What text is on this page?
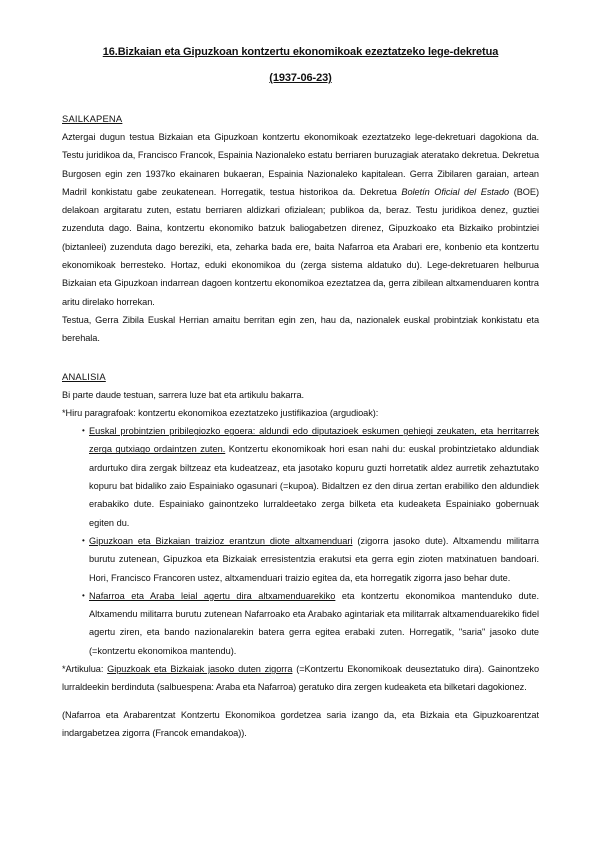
16.Bizkaian eta Gipuzkoan kontzertu ekonomikoak ezeztatzeko lege-dekretua
(1937-06-23)
SAILKAPENA
Aztergai dugun testua Bizkaian eta Gipuzkoan kontzertu ekonomikoak ezeztatzeko lege-dekretuari dagokiona da. Testu juridikoa da, Francisco Francok, Espainia Nazionaleko estatu berriaren buruzagiak ateratako dekretua. Dekretua Burgosen egin zen 1937ko ekainaren bukaeran, Espainia Nazionaleko kapitalean. Gerra Zibilaren garaian, artean Madril konkistatu gabe zeukatenean. Horregatik, testua historikoa da. Dekretua Boletín Oficial del Estado (BOE) delakoan argitaratu zuten, estatu berriaren aldizkari ofizialean; publikoa da, beraz. Testu juridikoa denez, guztiei zuzenduta dago. Baina, kontzertu ekonomiko batzuk baliogabetzen direnez, Gipuzkoako eta Bizkaiko probintziei (biztanleei) zuzenduta dago bereziki, eta, zeharka bada ere, baita Nafarroa eta Arabari ere, konbenio eta kontzertu ekonomikoak berresteko. Hortaz, eduki ekonomikoa du (zerga sistema aldatuko du). Lege-dekretuaren helburua Bizkaian eta Gipuzkoan indarrean dagoen kontzertu ekonomikoa ezeztatzea da, gerra zibilean altxamenduaren kontra aritu direlako horrekan.
Testua, Gerra Zibila Euskal Herrian amaitu berritan egin zen, hau da, nazionalek euskal probintziak konkistatu eta berehala.
ANALISIA
Bi parte daude testuan, sarrera luze bat eta artikulu bakarra.
*Hiru paragrafoak: kontzertu ekonomikoa ezeztatzeko justifikazioa (argudioak):
• Euskal probintzien pribilegiozko egoera: aldundi edo diputazioek eskumen gehiegi zeukaten, eta herritarrek zerga gutxiago ordaintzen zuten. Kontzertu ekonomikoak hori esan nahi du: euskal probintzietako aldundiak ardurtuko dira zergak biltzeaz eta kudeatzeaz, eta jasotako kopuru guzti horretatik aldez aurretik zehaztutako kopuru bat bidaliko zaio Espainiako ogasunari (=kupoa). Bidaltzen ez den dirua zertan erabiliko den aldundiek erabakiko dute. Espainiako gainontzeko lurraldeetako zerga bilketa eta kudeaketa Espainiako gobernuak egiten du.
• Gipuzkoan eta Bizkaian traizioz erantzun diote altxamenduari (zigorra jasoko dute). Altxamendu militarra burutu zutenean, Gipuzkoa eta Bizkaiak erresistentzia erakutsi eta gerra egin zioten matxinatuen bandoari. Hori, Francisco Francoren ustez, altxamenduari traizio egitea da, eta horregatik zigorra jaso behar dute.
• Nafarroa eta Araba leial agertu dira altxamenduarekiko eta kontzertu ekonomikoa mantenduko dute. Altxamendu militarra burutu zutenean Nafarroako eta Arabako agintariak eta militarrak altxamenduarekiko fidel agertu ziren, eta bando nazionalarekin batera gerra egitea erabaki zuten. Horregatik, "saria" jasoko dute (=kontzertu ekonomikoa mantendu).
*Artikulua: Gipuzkoak eta Bizkaiak jasoko duten zigorra (=Kontzertu Ekonomikoak deuseztatuko dira). Gainontzeko lurraldeekin berdinduta (salbuespena: Araba eta Nafarroa) geratuko dira zergen kudeaketa eta bilketari dagokionez.
(Nafarroa eta Arabarentzat Kontzertu Ekonomikoa gordetzea saria izango da, eta Bizkaia eta Gipuzkoarentzat indargabetzea zigorra (Francok emandakoa)).
